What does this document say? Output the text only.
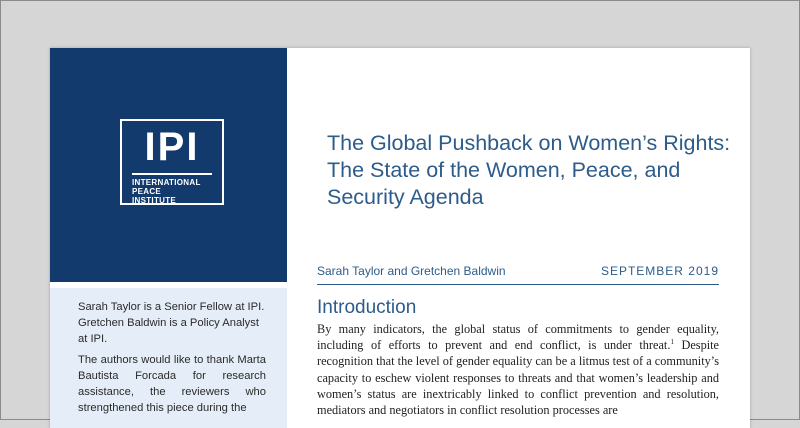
IPI
INTERNATIONAL
PEACE
INSTITUTE

Sarah Taylor is a Senior Fellow at IPI. Gretchen Baldwin is a Policy Analyst at IPI.

The authors would like to thank Marta Bautista Forcada for research assistance, the reviewers who strengthened this piece during the

The Global Pushback on Women’s Rights: The State of the Women, Peace, and Security Agenda
Sarah Taylor and Gretchen Baldwin	SEPTEMBER 2019
Introduction

By many indicators, the global status of commitments to gender equality, including of efforts to prevent and end conflict, is under threat.$^1$ Despite recognition that the level of gender equality can be a litmus test of a community’s capacity to eschew violent responses to threats and that women’s leadership and women’s status are inextricably linked to conflict prevention and resolution, mediators and negotiators in conflict resolution processes are
